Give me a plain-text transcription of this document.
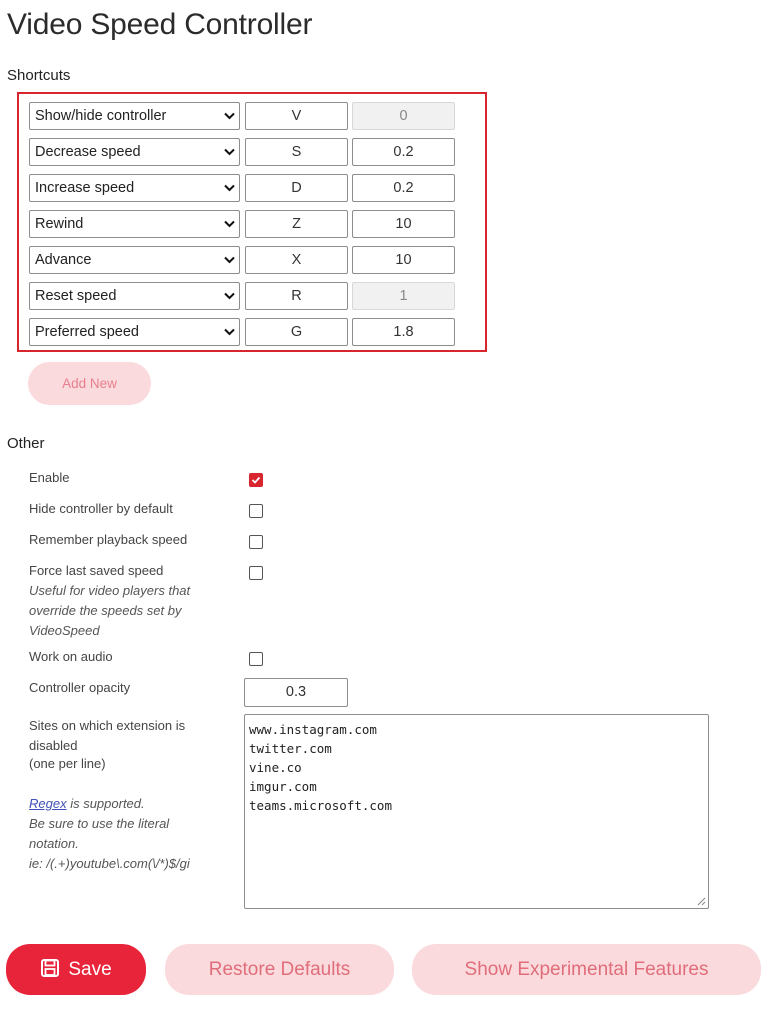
Video Speed Controller
Shortcuts
Show/hide controller	V	0
Decrease speed	S	0.2
Increase speed	D	0.2
Rewind	Z	10
Advance	X	10
Reset speed	R	1
Preferred speed	G	1.8
Add New
Other
Enable
Hide controller by default
Remember playback speed
Force last saved speed
Useful for video players that override the speeds set by VideoSpeed
Work on audio
Controller opacity	0.3
Sites on which extension is disabled
(one per line)
Regex is supported.
Be sure to use the literal notation.
ie: /(.+)youtube\.com(\/*)$/gi
www.instagram.com
twitter.com
vine.co
imgur.com
teams.microsoft.com
Save	Restore Defaults	Show Experimental Features
